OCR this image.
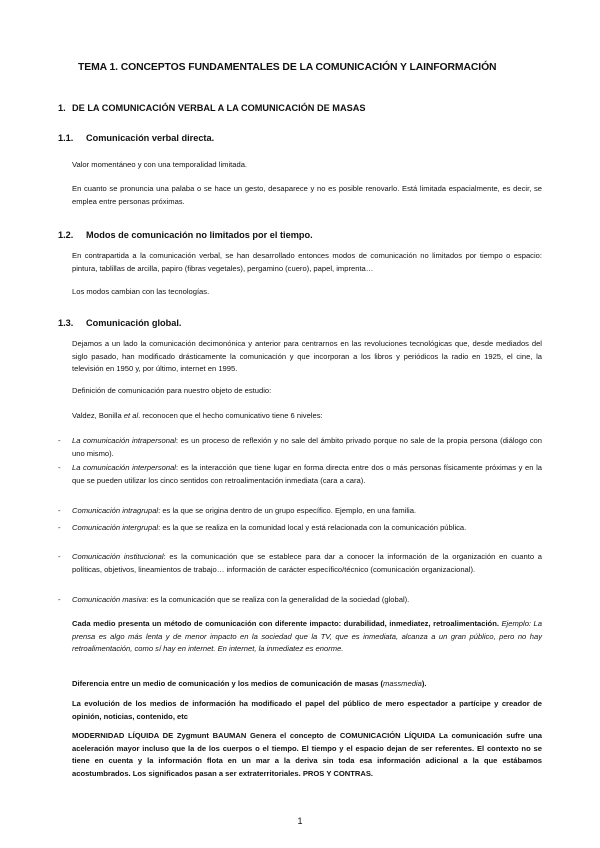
TEMA 1. CONCEPTOS FUNDAMENTALES DE LA COMUNICACIÓN Y LAINFORMACIÓN
1. DE LA COMUNICACIÓN VERBAL A LA COMUNICACIÓN DE MASAS
1.1. Comunicación verbal directa.
Valor momentáneo y con una temporalidad limitada.
En cuanto se pronuncia una palaba o se hace un gesto, desaparece y no es posible renovarlo. Está limitada espacialmente, es decir, se emplea entre personas próximas.
1.2. Modos de comunicación no limitados por el tiempo.
En contrapartida a la comunicación verbal, se han desarrollado entonces modos de comunicación no limitados por tiempo o espacio: pintura, tablillas de arcilla, papiro (fibras vegetales), pergamino (cuero), papel, imprenta…
Los modos cambian con las tecnologías.
1.3. Comunicación global.
Dejamos a un lado la comunicación decimonónica y anterior para centrarnos en las revoluciones tecnológicas que, desde mediados del siglo pasado, han modificado drásticamente la comunicación y que incorporan a los libros y periódicos la radio en 1925, el cine, la televisión en 1950 y, por último, internet en 1995.
Definición de comunicación para nuestro objeto de estudio:
Valdez, Bonilla et al. reconocen que el hecho comunicativo tiene 6 niveles:
- La comunicación intrapersonal: es un proceso de reflexión y no sale del ámbito privado porque no sale de la propia persona (diálogo con uno mismo).
- La comunicación interpersonal: es la interacción que tiene lugar en forma directa entre dos o más personas físicamente próximas y en la que se pueden utilizar los cinco sentidos con retroalimentación inmediata (cara a cara).
- Comunicación intragrupal: es la que se origina dentro de un grupo específico. Ejemplo, en una familia.
- Comunicación intergrupal: es la que se realiza en la comunidad local y está relacionada con la comunicación pública.
- Comunicación institucional: es la comunicación que se establece para dar a conocer la información de la organización en cuanto a políticas, objetivos, lineamientos de trabajo… información de carácter específico/técnico (comunicación organizacional).
- Comunicación masiva: es la comunicación que se realiza con la generalidad de la sociedad (global).
Cada medio presenta un método de comunicación con diferente impacto: durabilidad, inmediatez, retroalimentación. Ejemplo: La prensa es algo más lenta y de menor impacto en la sociedad que la TV, que es inmediata, alcanza a un gran público, pero no hay retroalimentación, como sí hay en internet. En internet, la inmediatez es enorme.
Diferencia entre un medio de comunicación y los medios de comunicación de masas (massmedia).
La evolución de los medios de información ha modificado el papel del público de mero espectador a partícipe y creador de opinión, noticias, contenido, etc
MODERNIDAD LÍQUIDA DE Zygmunt BAUMAN Genera el concepto de COMUNICACIÓN LÍQUIDA La comunicación sufre una aceleración mayor incluso que la de los cuerpos o el tiempo. El tiempo y el espacio dejan de ser referentes. El contexto no se tiene en cuenta y la información flota en un mar a la deriva sin toda esa información adicional a la que estábamos acostumbrados. Los significados pasan a ser extraterritoriales. PROS Y CONTRAS.
1
